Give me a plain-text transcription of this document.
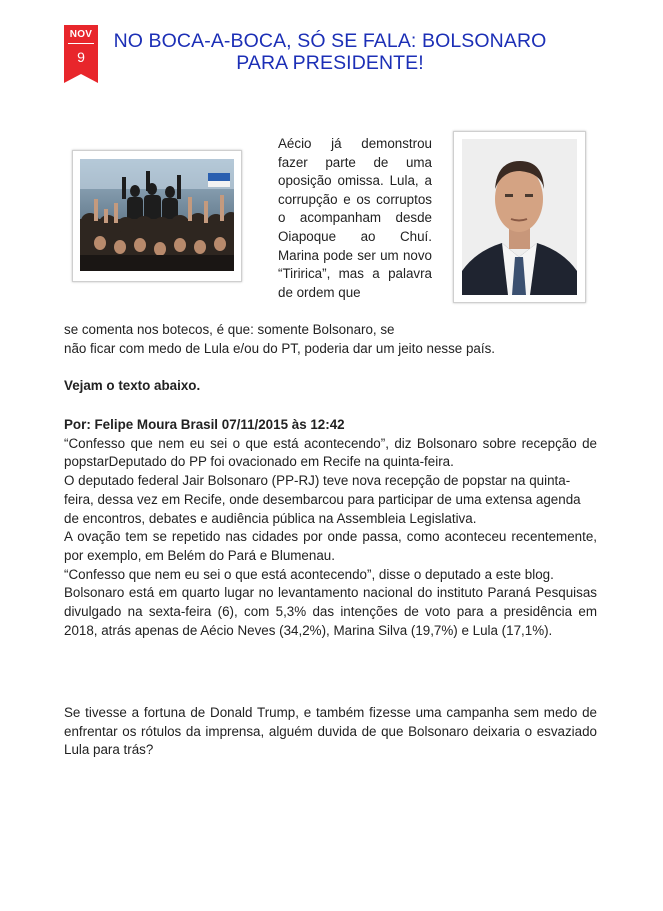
NOV
9
NO BOCA-A-BOCA, SÓ SE FALA: BOLSONARO PARA PRESIDENTE!

Aécio já demonstrou fazer parte de uma oposição omissa. Lula, a corrupção e os corruptos o acompanham desde Oiapoque ao Chuí. Marina pode ser um novo “Tiririca”, mas a palavra de ordem que

se comenta nos botecos, é que: somente Bolsonaro, se
não ficar com medo de Lula e/ou do PT, poderia dar um jeito nesse país.

Vejam o texto abaixo.

Por: Felipe Moura Brasil 07/11/2015 às 12:42

“Confesso que nem eu sei o que está acontecendo”, diz Bolsonaro sobre recepção de popstarDeputado do PP foi ovacionado em Recife na quinta-feira.

O deputado federal Jair Bolsonaro (PP-RJ) teve nova recepção de popstar na quinta-feira, dessa vez em Recife, onde desembarcou para participar de uma extensa agenda de encontros, debates e audiência pública na Assembleia Legislativa.

A ovação tem se repetido nas cidades por onde passa, como aconteceu recentemente, por exemplo, em Belém do Pará e Blumenau.

“Confesso que nem eu sei o que está acontecendo”, disse o deputado a este blog.

Bolsonaro está em quarto lugar no levantamento nacional do instituto Paraná Pesquisas divulgado na sexta-feira (6), com 5,3% das intenções de voto para a presidência em 2018, atrás apenas de Aécio Neves (34,2%), Marina Silva (19,7%) e Lula (17,1%).

Se tivesse a fortuna de Donald Trump, e também fizesse uma campanha sem medo de enfrentar os rótulos da imprensa, alguém duvida de que Bolsonaro deixaria o esvaziado Lula para trás?
